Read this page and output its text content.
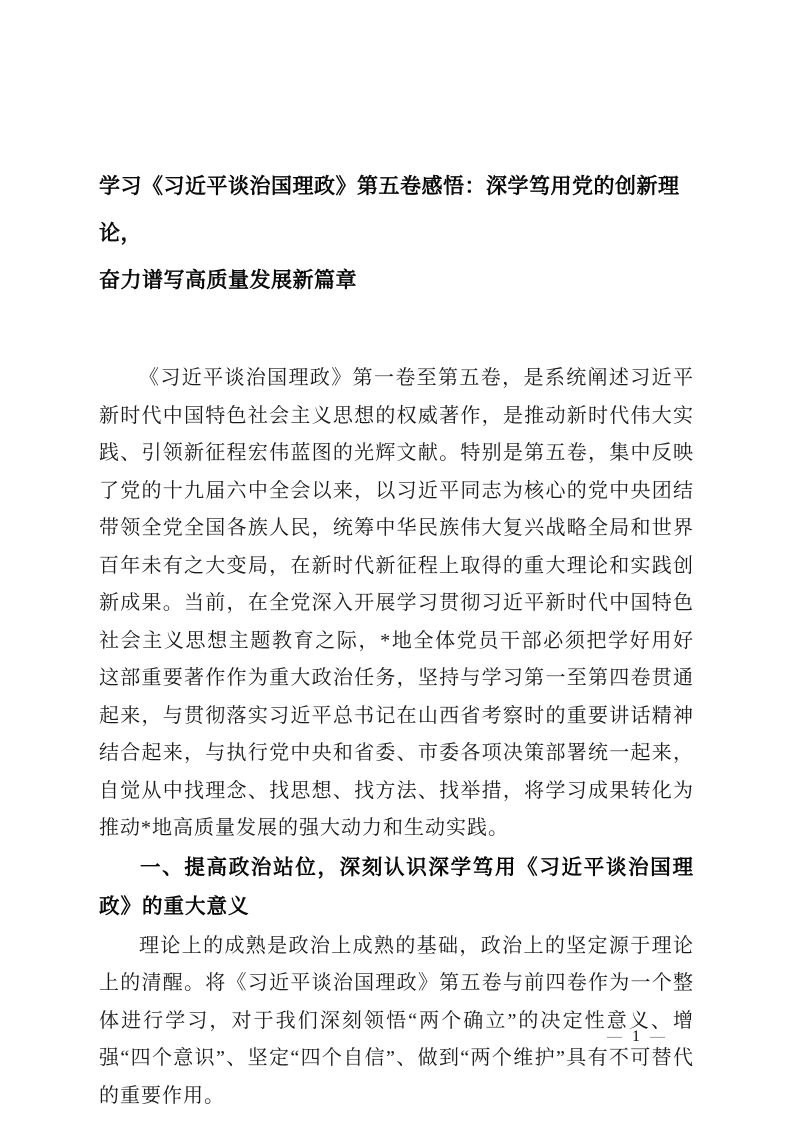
学习《习近平谈治国理政》第五卷感悟：深学笃用党的创新理论，
奋力谱写高质量发展新篇章

《习近平谈治国理政》第一卷至第五卷，是系统阐述习近平新时代中国特色社会主义思想的权威著作，是推动新时代伟大实践、引领新征程宏伟蓝图的光辉文献。特别是第五卷，集中反映了党的十九届六中全会以来，以习近平同志为核心的党中央团结带领全党全国各族人民，统筹中华民族伟大复兴战略全局和世界百年未有之大变局，在新时代新征程上取得的重大理论和实践创新成果。当前，在全党深入开展学习贯彻习近平新时代中国特色社会主义思想主题教育之际，*地全体党员干部必须把学好用好这部重要著作作为重大政治任务，坚持与学习第一至第四卷贯通起来，与贯彻落实习近平总书记在山西省考察时的重要讲话精神结合起来，与执行党中央和省委、市委各项决策部署统一起来，自觉从中找理念、找思想、找方法、找举措，将学习成果转化为推动*地高质量发展的强大动力和生动实践。

一、提高政治站位，深刻认识深学笃用《习近平谈治国理政》的重大意义

理论上的成熟是政治上成熟的基础，政治上的坚定源于理论上的清醒。将《习近平谈治国理政》第五卷与前四卷作为一个整体进行学习，对于我们深刻领悟“两个确立”的决定性意义、增强“四个意识”、坚定“四个自信”、做到“两个维护”具有不可替代的重要作用。

— 1 —
